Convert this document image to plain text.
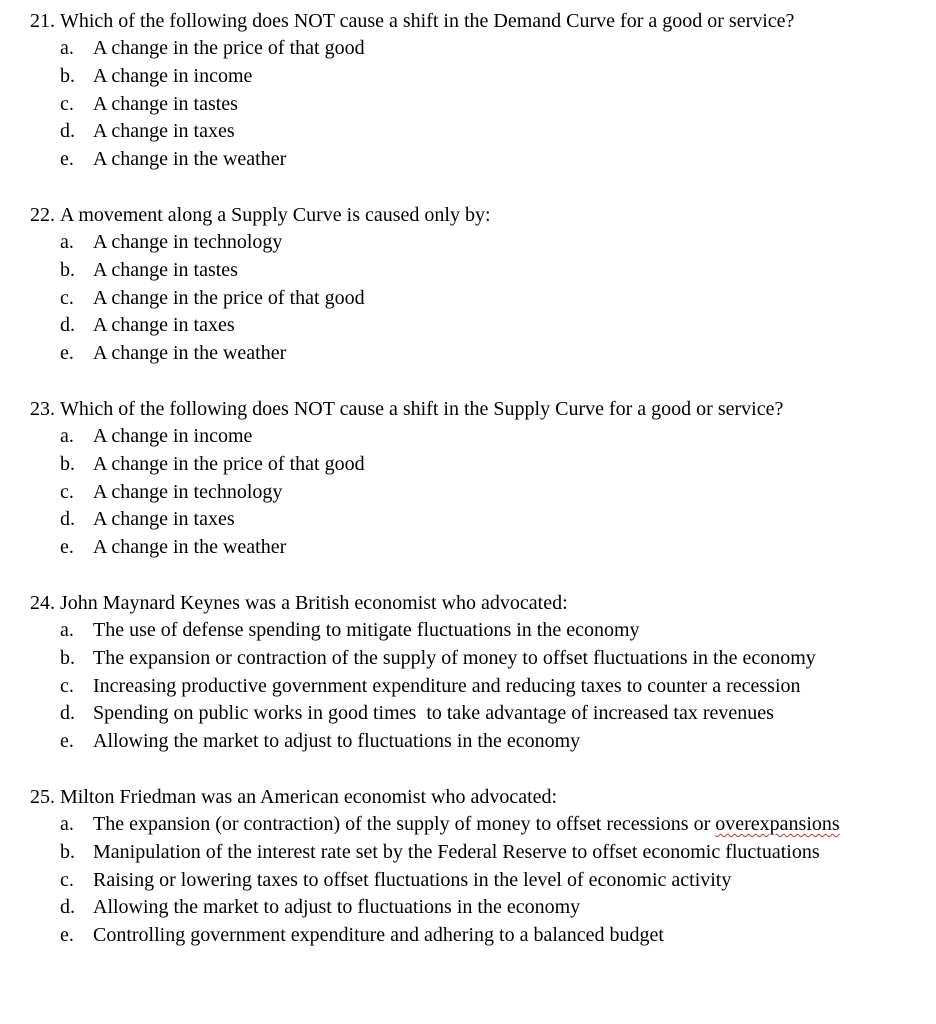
21. Which of the following does NOT cause a shift in the Demand Curve for a good or service?
a. A change in the price of that good
b. A change in income
c. A change in tastes
d. A change in taxes
e. A change in the weather
22. A movement along a Supply Curve is caused only by:
a. A change in technology
b. A change in tastes
c. A change in the price of that good
d. A change in taxes
e. A change in the weather
23. Which of the following does NOT cause a shift in the Supply Curve for a good or service?
a. A change in income
b. A change in the price of that good
c. A change in technology
d. A change in taxes
e. A change in the weather
24. John Maynard Keynes was a British economist who advocated:
a. The use of defense spending to mitigate fluctuations in the economy
b. The expansion or contraction of the supply of money to offset fluctuations in the economy
c. Increasing productive government expenditure and reducing taxes to counter a recession
d. Spending on public works in good times  to take advantage of increased tax revenues
e. Allowing the market to adjust to fluctuations in the economy
25. Milton Friedman was an American economist who advocated:
a. The expansion (or contraction) of the supply of money to offset recessions or overexpansions
b. Manipulation of the interest rate set by the Federal Reserve to offset economic fluctuations
c. Raising or lowering taxes to offset fluctuations in the level of economic activity
d. Allowing the market to adjust to fluctuations in the economy
e. Controlling government expenditure and adhering to a balanced budget
